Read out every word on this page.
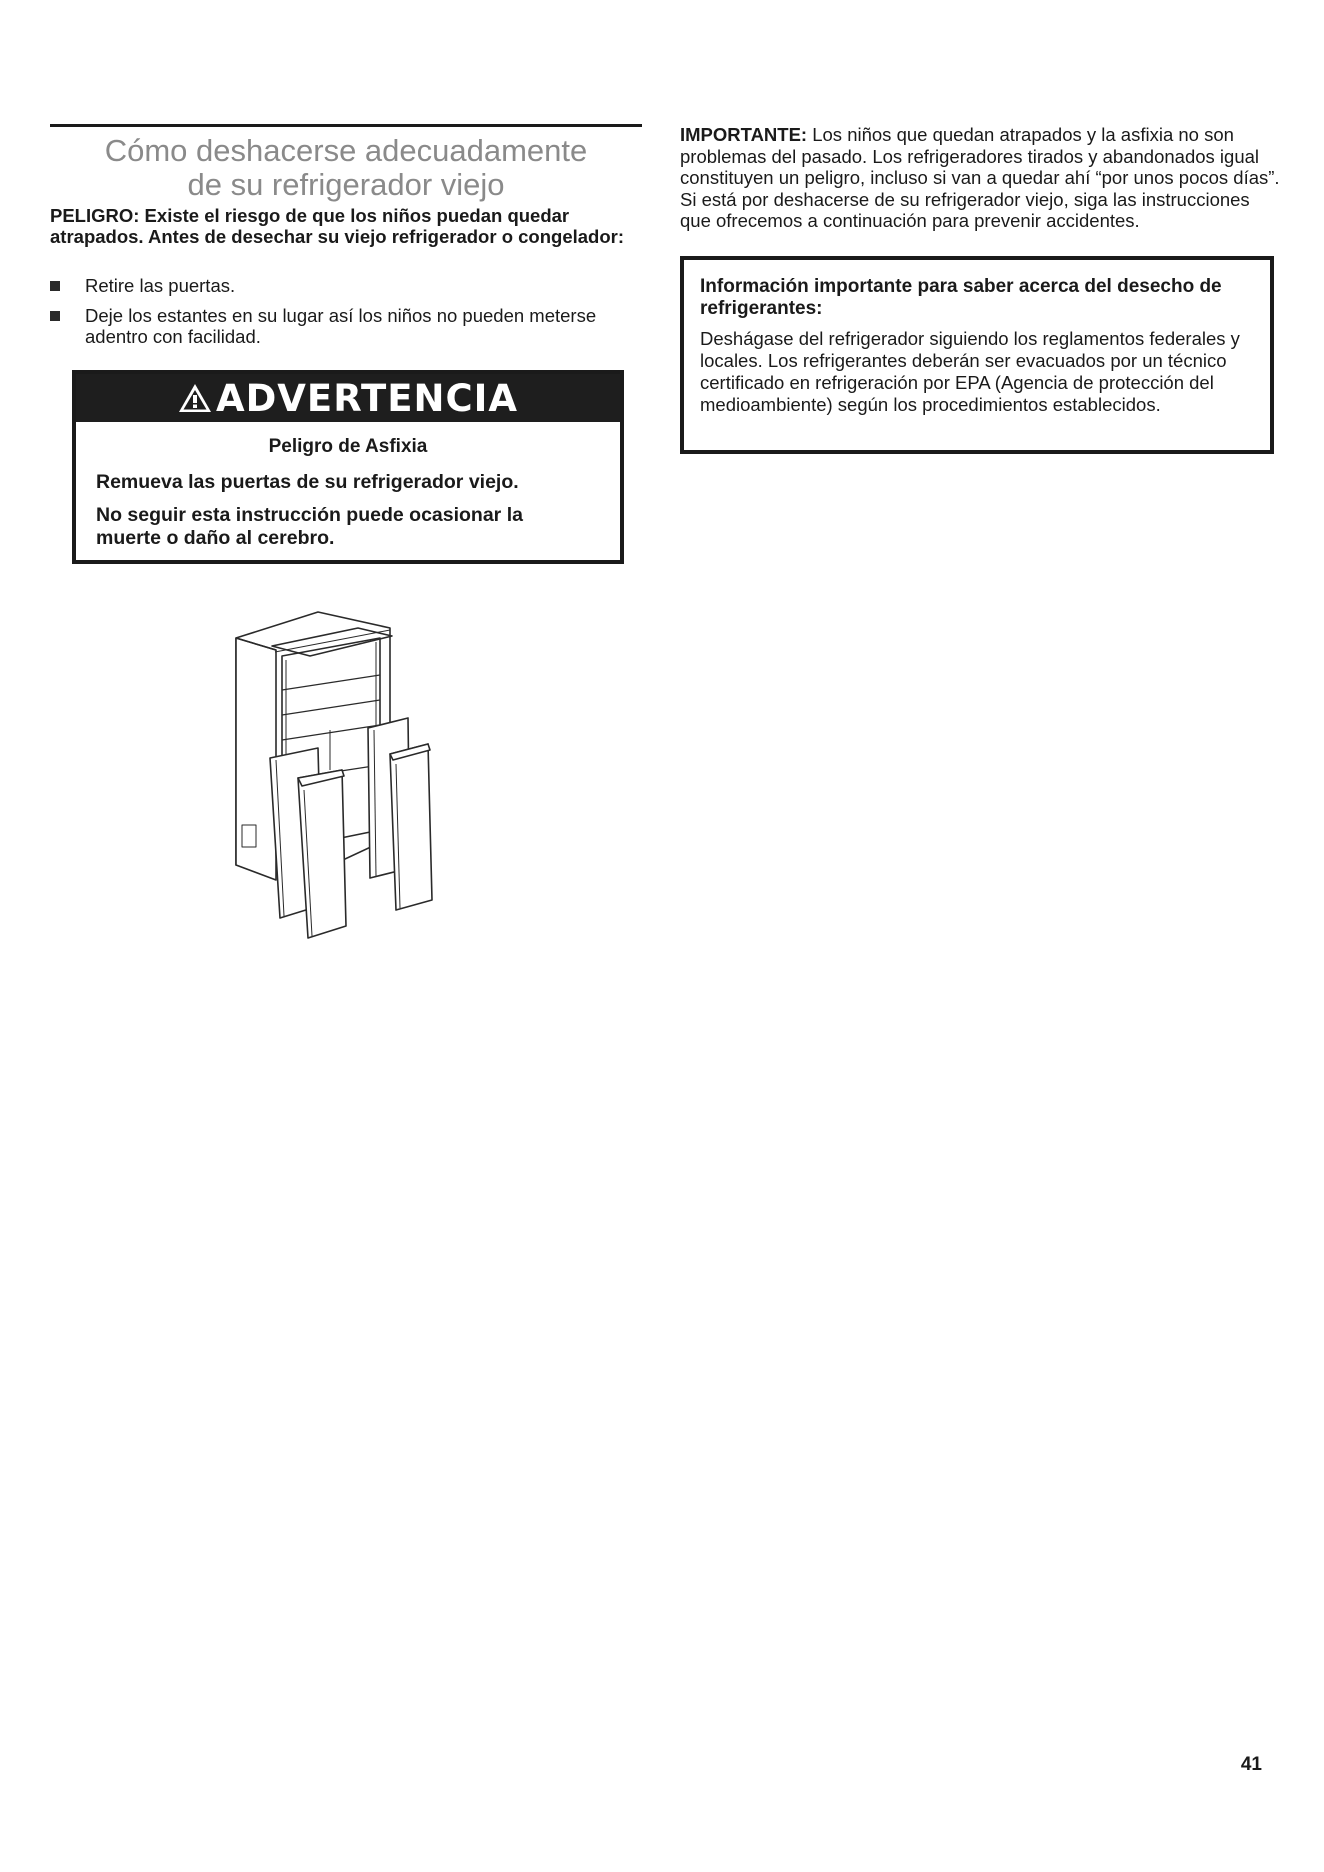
Cómo deshacerse adecuadamente
de su refrigerador viejo

PELIGRO: Existe el riesgo de que los niños puedan quedar atrapados. Antes de desechar su viejo refrigerador o congelador:

Retire las puertas.
Deje los estantes en su lugar así los niños no pueden meterse adentro con facilidad.
ADVERTENCIA
Peligro de Asfixia
Remueva las puertas de su refrigerador viejo.
No seguir esta instrucción puede ocasionar la muerte o daño al cerebro.

IMPORTANTE: Los niños que quedan atrapados y la asfixia no son problemas del pasado. Los refrigeradores tirados y abandonados igual constituyen un peligro, incluso si van a quedar ahí “por unos pocos días”. Si está por deshacerse de su refrigerador viejo, siga las instrucciones que ofrecemos a continuación para prevenir accidentes.

Información importante para saber acerca del desecho de refrigerantes:

Deshágase del refrigerador siguiendo los reglamentos federales y locales. Los refrigerantes deberán ser evacuados por un técnico certificado en refrigeración por EPA (Agencia de protección del medioambiente) según los procedimientos establecidos.

41
